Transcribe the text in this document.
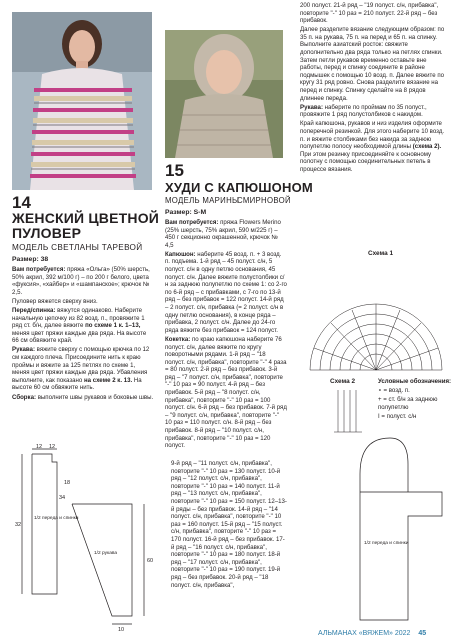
14
ЖЕНСКИЙ ЦВЕТНОЙ
ПУЛОВЕР
МОДЕЛЬ СВЕТЛАНЫ ТАРЕВОЙ
Размер: 38

Вам потребуется: пряжа «Ольга» (50% шерсть, 50% акрил, 392 м/100 г) – по 200 г белого, цвета «фуксия», «хайбер» и «шампанское»; крючок № 2,5.

Пуловер вяжется сверху вниз.

Перед/спинка: вяжутся одинаково. Наберите начальную цепочку из 82 возд. п., провяжите 1 ряд ст. б/н, далее вяжите по схеме 1 к. 1–13, меняя цвет пряжи каждые два ряда. На высоте 66 см обвяжите край.

Рукава: вяжите сверху с помощью крючка по 12 см каждого плеча. Присоедините нить к краю проймы и вяжите за 125 петлях по схеме 1, меняя цвет пряжи каждые два ряда. Убавления выполните, как показано на схеме 2 к. 13. На высоте 60 см обвяжите нить.

Сборка: выполните швы рукавов и боковые швы.

12 12
32
34
1/2 переда и спинки
1/2 рукава
60
10
18
15
ХУДИ С КАПЮШОНОМ
МОДЕЛЬ МАРИНЫ
СМИРНОВОЙ
Размер: S-M

Вам потребуется: пряжа Flowers Merino (25% шерсть, 75% акрил, 590 м/225 г) – 450 г секционно окрашенной, крючок № 4,5

Капюшон: наберите 45 возд. п. + 3 возд. п. подъема. 1-й ряд – 45 полуст. с/н, 5 полуст. с/н в одну петлю основания, 45 полуст. с/н. Далее вяжите полустолбики с/н за заднюю полупетлю по схеме 1: со 2-го по 6-й ряд – с прибавками, с 7-го по 13-й ряд – без прибавок = 122 полуст. 14-й ряд – 2 полуст. с/н, прибавка (= 2 полуст. с/н в одну петлю основания), в конце ряда – прибавка, 2 полуст. с/н. Далее до 24-го ряда вяжите без прибавок = 124 полуст.

Кокетка: по краю капюшона наберите 76 полуст. с/н, далее вяжите по кругу поворотными рядами. 1-й ряд – "18 полуст. с/н, прибавка", повторите "-" 4 раза = 80 полуст. 2-й ряд – без прибавок. 3-й ряд – "7 полуст. с/н, прибавка", повторите "-" 10 раз = 90 полуст. 4-й ряд – без прибавок. 5-й ряд – "8 полуст. с/н, прибавка", повторите "-" 10 раз = 100 полуст. с/н. 6-й ряд – без прибавок. 7-й ряд – "9 полуст. с/н, прибавка", повторите "-" 10 раз = 110 полуст. с/н. 8-й ряд – без прибавок. 8-й ряд – "10 полуст. с/н, прибавка", повторите "-" 10 раз = 120 полуст.

9-й ряд – "11 полуст. с/н, прибавка", повторите "-" 10 раз = 130 полуст. 10-й ряд – "12 полуст. с/н, прибавка", повторите "-" 10 раз = 140 полуст. 11-й ряд – "13 полуст. с/н, прибавка", повторите "-" 10 раз = 150 полуст. 12–13-й ряды – без прибавок. 14-й ряд – "14 полуст. с/н, прибавка", повторите "-" 10 раз = 160 полуст. 15-й ряд – "15 полуст. с/н, прибавка", повторите "-" 10 раз = 170 полуст. 16-й ряд – без прибавок. 17-й ряд – "16 полуст. с/н, прибавка", повторите "-" 10 раз = 180 полуст. 18-й ряд – "17 полуст. с/н, прибавка", повторите "-" 10 раз = 190 полуст. 19-й ряд – без прибавок. 20-й ряд – "18 полуст. с/н, прибавка",

200 полуст. 21-й ряд – "19 полуст. с/н, прибавка", повторите "-" 10 раз = 210 полуст. 22-й ряд – без прибавок.

Далее разделите вязание следующим образом: по 35 п. на рукава, 75 п. на перед и 65 п. на спинку. Выполните азиатский росток: свяжите дополнительно два ряда только на петлях спинки. Затем петли рукавов временно оставьте вне работы, перед и спинку соедините в районе подмышек с помощью 10 возд. п. Далее вяжите по кругу 31 ряд ровно. Снова разделите вязание на перед и спинку. Спинку сделайте на 8 рядов длиннее переда.

Рукава: наберите по проймам по 35 полуст., провяжите 1 ряд полустолбиков с накидом.

Край капюшона, рукавов и низ изделия оформите поперечной резинкой. Для этого наберите 10 возд. п. и вяжите столбиками без накида за заднюю полупетлю полосу необходимой длины (схема 2). При этом резинку присоединяйте к основному полотну с помощью соединительных петель в процессе вязания.

Схема 1
Схема 2	Условные обозначения:

∘ = возд. п.

+ = ст. б/н за заднюю полупетлю

Ι = полуст. с/н

1/2 переда и спинки
АЛЬМАНАХ «ВЯЖЕМ» 2022 45
